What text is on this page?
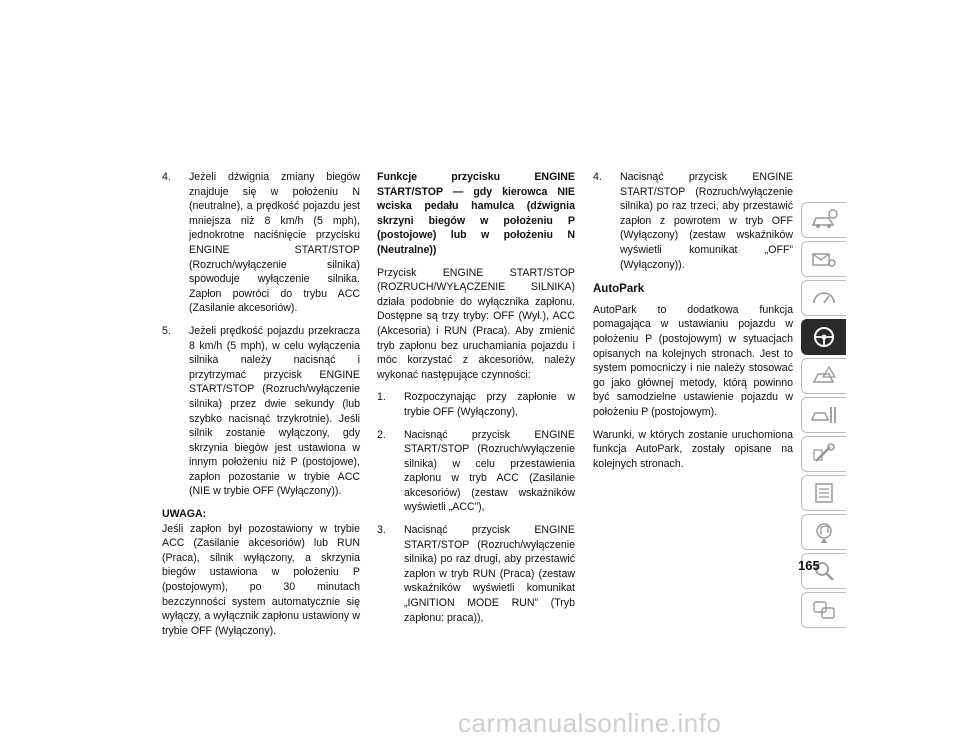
4. Jeżeli dźwignia zmiany biegów znajduje się w położeniu N (neutralne), a prędkość pojazdu jest mniejsza niż 8 km/h (5 mph), jednokrotne naciśnięcie przycisku ENGINE START/STOP (Rozruch/wyłączenie silnika) spowoduje wyłączenie silnika. Zapłon powróci do trybu ACC (Zasilanie akcesoriów).
5. Jeżeli prędkość pojazdu przekracza 8 km/h (5 mph), w celu wyłączenia silnika należy nacisnąć i przytrzymać przycisk ENGINE START/STOP (Rozruch/wyłączenie silnika) przez dwie sekundy (lub szybko nacisnąć trzykrotnie). Jeśli silnik zostanie wyłączony, gdy skrzynia biegów jest ustawiona w innym położeniu niż P (postojowe), zapłon pozostanie w trybie ACC (NIE w trybie OFF (Wyłączony)).
UWAGA:

Jeśli zapłon był pozostawiony w trybie ACC (Zasilanie akcesoriów) lub RUN (Praca), silnik wyłączony, a skrzynia biegów ustawiona w położeniu P (postojowym), po 30 minutach bezczynności system automatycznie się wyłączy, a wyłącznik zapłonu ustawiony w trybie OFF (Wyłączony).

Funkcje przycisku ENGINE START/STOP — gdy kierowca NIE wciska pedału hamulca (dźwignia skrzyni biegów w położeniu P (postojowe) lub w położeniu N (Neutralne))

Przycisk ENGINE START/STOP (ROZRUCH/WYŁĄCZENIE SILNIKA) działa podobnie do wyłącznika zapłonu. Dostępne są trzy tryby: OFF (Wył.), ACC (Akcesoria) i RUN (Praca). Aby zmienić tryb zapłonu bez uruchamiania pojazdu i móc korzystać z akcesoriów, należy wykonać następujące czynności:

1. Rozpoczynając przy zapłonie w trybie OFF (Wyłączony),
2. Nacisnąć przycisk ENGINE START/STOP (Rozruch/wyłączenie silnika) w celu przestawienia zapłonu w tryb ACC (Zasilanie akcesoriów) (zestaw wskaźników wyświetli „ACC”),
3. Nacisnąć przycisk ENGINE START/STOP (Rozruch/wyłączenie silnika) po raz drugi, aby przestawić zapłon w tryb RUN (Praca) (zestaw wskaźników wyświetli komunikat „IGNITION MODE RUN” (Tryb zapłonu: praca)),
4. Nacisnąć przycisk ENGINE START/STOP (Rozruch/wyłączenie silnika) po raz trzeci, aby przestawić zapłon z powrotem w tryb OFF (Wyłączony) (zestaw wskaźników wyświetli komunikat „OFF” (Wyłączony)).
AutoPark

AutoPark to dodatkowa funkcja pomagająca w ustawianiu pojazdu w położeniu P (postojowym) w sytuacjach opisanych na kolejnych stronach. Jest to system pomocniczy i nie należy stosować go jako głównej metody, którą powinno być samodzielne ustawienie pojazdu w położeniu P (postojowym).

Warunki, w których zostanie uruchomiona funkcja AutoPark, zostały opisane na kolejnych stronach.

165
carmanualsonline.info
